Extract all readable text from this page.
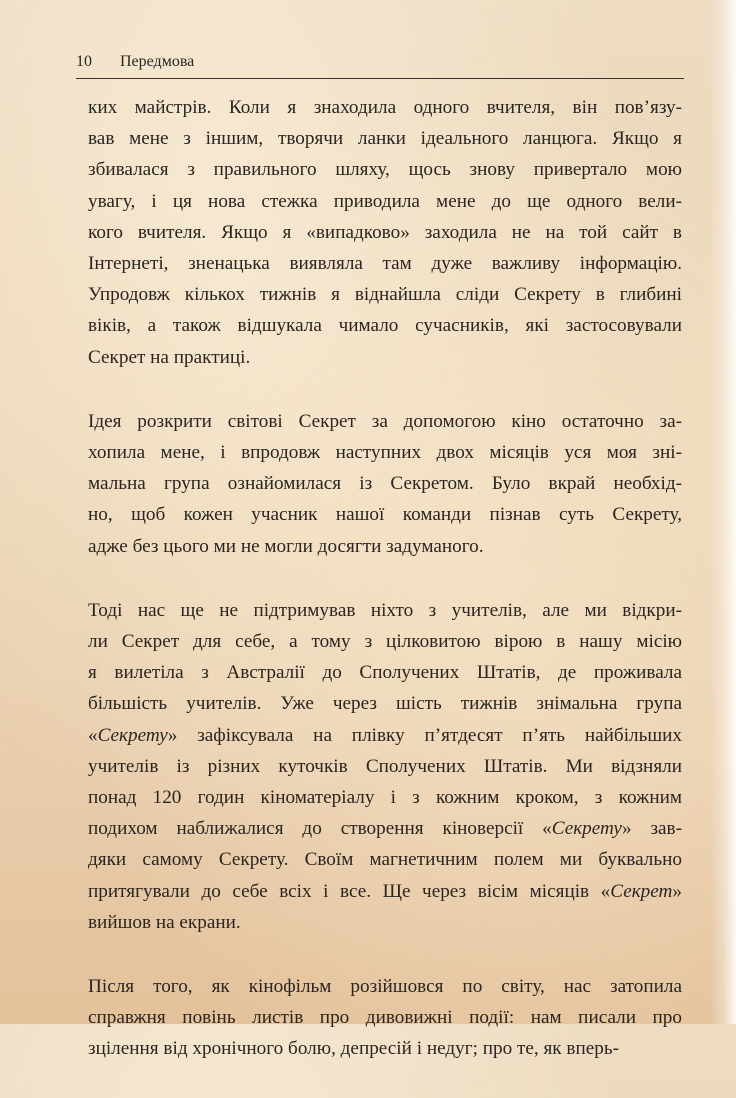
10 Передмова
ких майстрів. Коли я знаходила одного вчителя, він пов’язу-
вав мене з іншим, творячи ланки ідеального ланцюга. Якщо я
збивалася з правильного шляху, щось знову привертало мою
увагу, і ця нова стежка приводила мене до ще одного вели-
кого вчителя. Якщо я «випадково» заходила не на той сайт в
Інтернеті, зненацька виявляла там дуже важливу інформацію.
Упродовж кількох тижнів я віднайшла сліди Секрету в глибині
віків, а також відшукала чимало сучасників, які застосовували
Секрет на практиці.
Ідея розкрити світові Секрет за допомогою кіно остаточно за-
хопила мене, і впродовж наступних двох місяців уся моя зні-
мальна група ознайомилася із Секретом. Було вкрай необхід-
но, щоб кожен учасник нашої команди пізнав суть Секрету,
адже без цього ми не могли досягти задуманого.
Тоді нас ще не підтримував ніхто з учителів, але ми відкри-
ли Секрет для себе, а тому з цілковитою вірою в нашу місію
я вилетіла з Австралії до Сполучених Штатів, де проживала
більшість учителів. Уже через шість тижнів знімальна група
«Секрету» зафіксувала на плівку п’ятдесят п’ять найбільших
учителів із різних куточків Сполучених Штатів. Ми відзняли
понад 120 годин кіноматеріалу і з кожним кроком, з кожним
подихом наближалися до створення кіноверсії «Секрету» зав-
дяки самому Секрету. Своїм магнетичним полем ми буквально
притягували до себе всіх і все. Ще через вісім місяців «Секрет»
вийшов на екрани.
Після того, як кінофільм розійшовся по світу, нас затопила
справжня повінь листів про дивовижні події: нам писали про
зцілення від хронічного болю, депресій і недуг; про те, як вперь-
